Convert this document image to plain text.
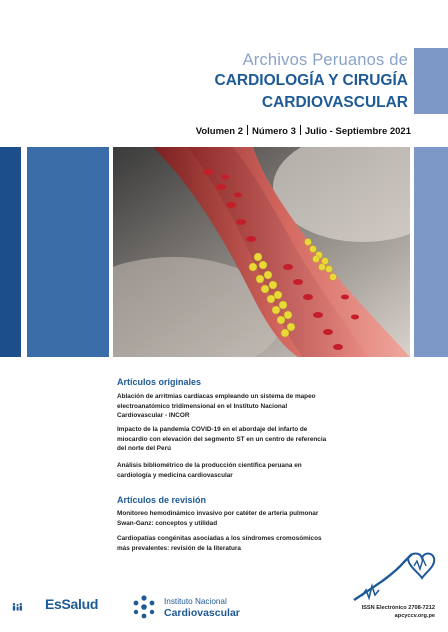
Archivos Peruanos de
CARDIOLOGÍA Y CIRUGÍA
CARDIOVASCULAR
Volumen 2 Número 3 Julio - Septiembre 2021
Artículos originales
Ablación de arritmias cardíacas empleando un sistema de mapeo
electroanatómico tridimensional en el Instituto Nacional
Cardiovascular - INCOR
Impacto de la pandemia COVID-19 en el abordaje del infarto de
miocardio con elevación del segmento ST en un centro de referencia
del norte del Perú
Análisis bibliométrico de la producción científica peruana en
cardiología y medicina cardiovascular
Artículos de revisión
Monitoreo hemodinámico invasivo por catéter de arteria pulmonar
Swan-Ganz: conceptos y utilidad
Cardiopatías congénitas asociadas a los síndromes cromosómicos
más prevalentes: revisión de la literatura
ISSN Electrónico 2708-7212
apcyccv.org.pe
EsSalud	Instituto Nacional
Cardiovascular
